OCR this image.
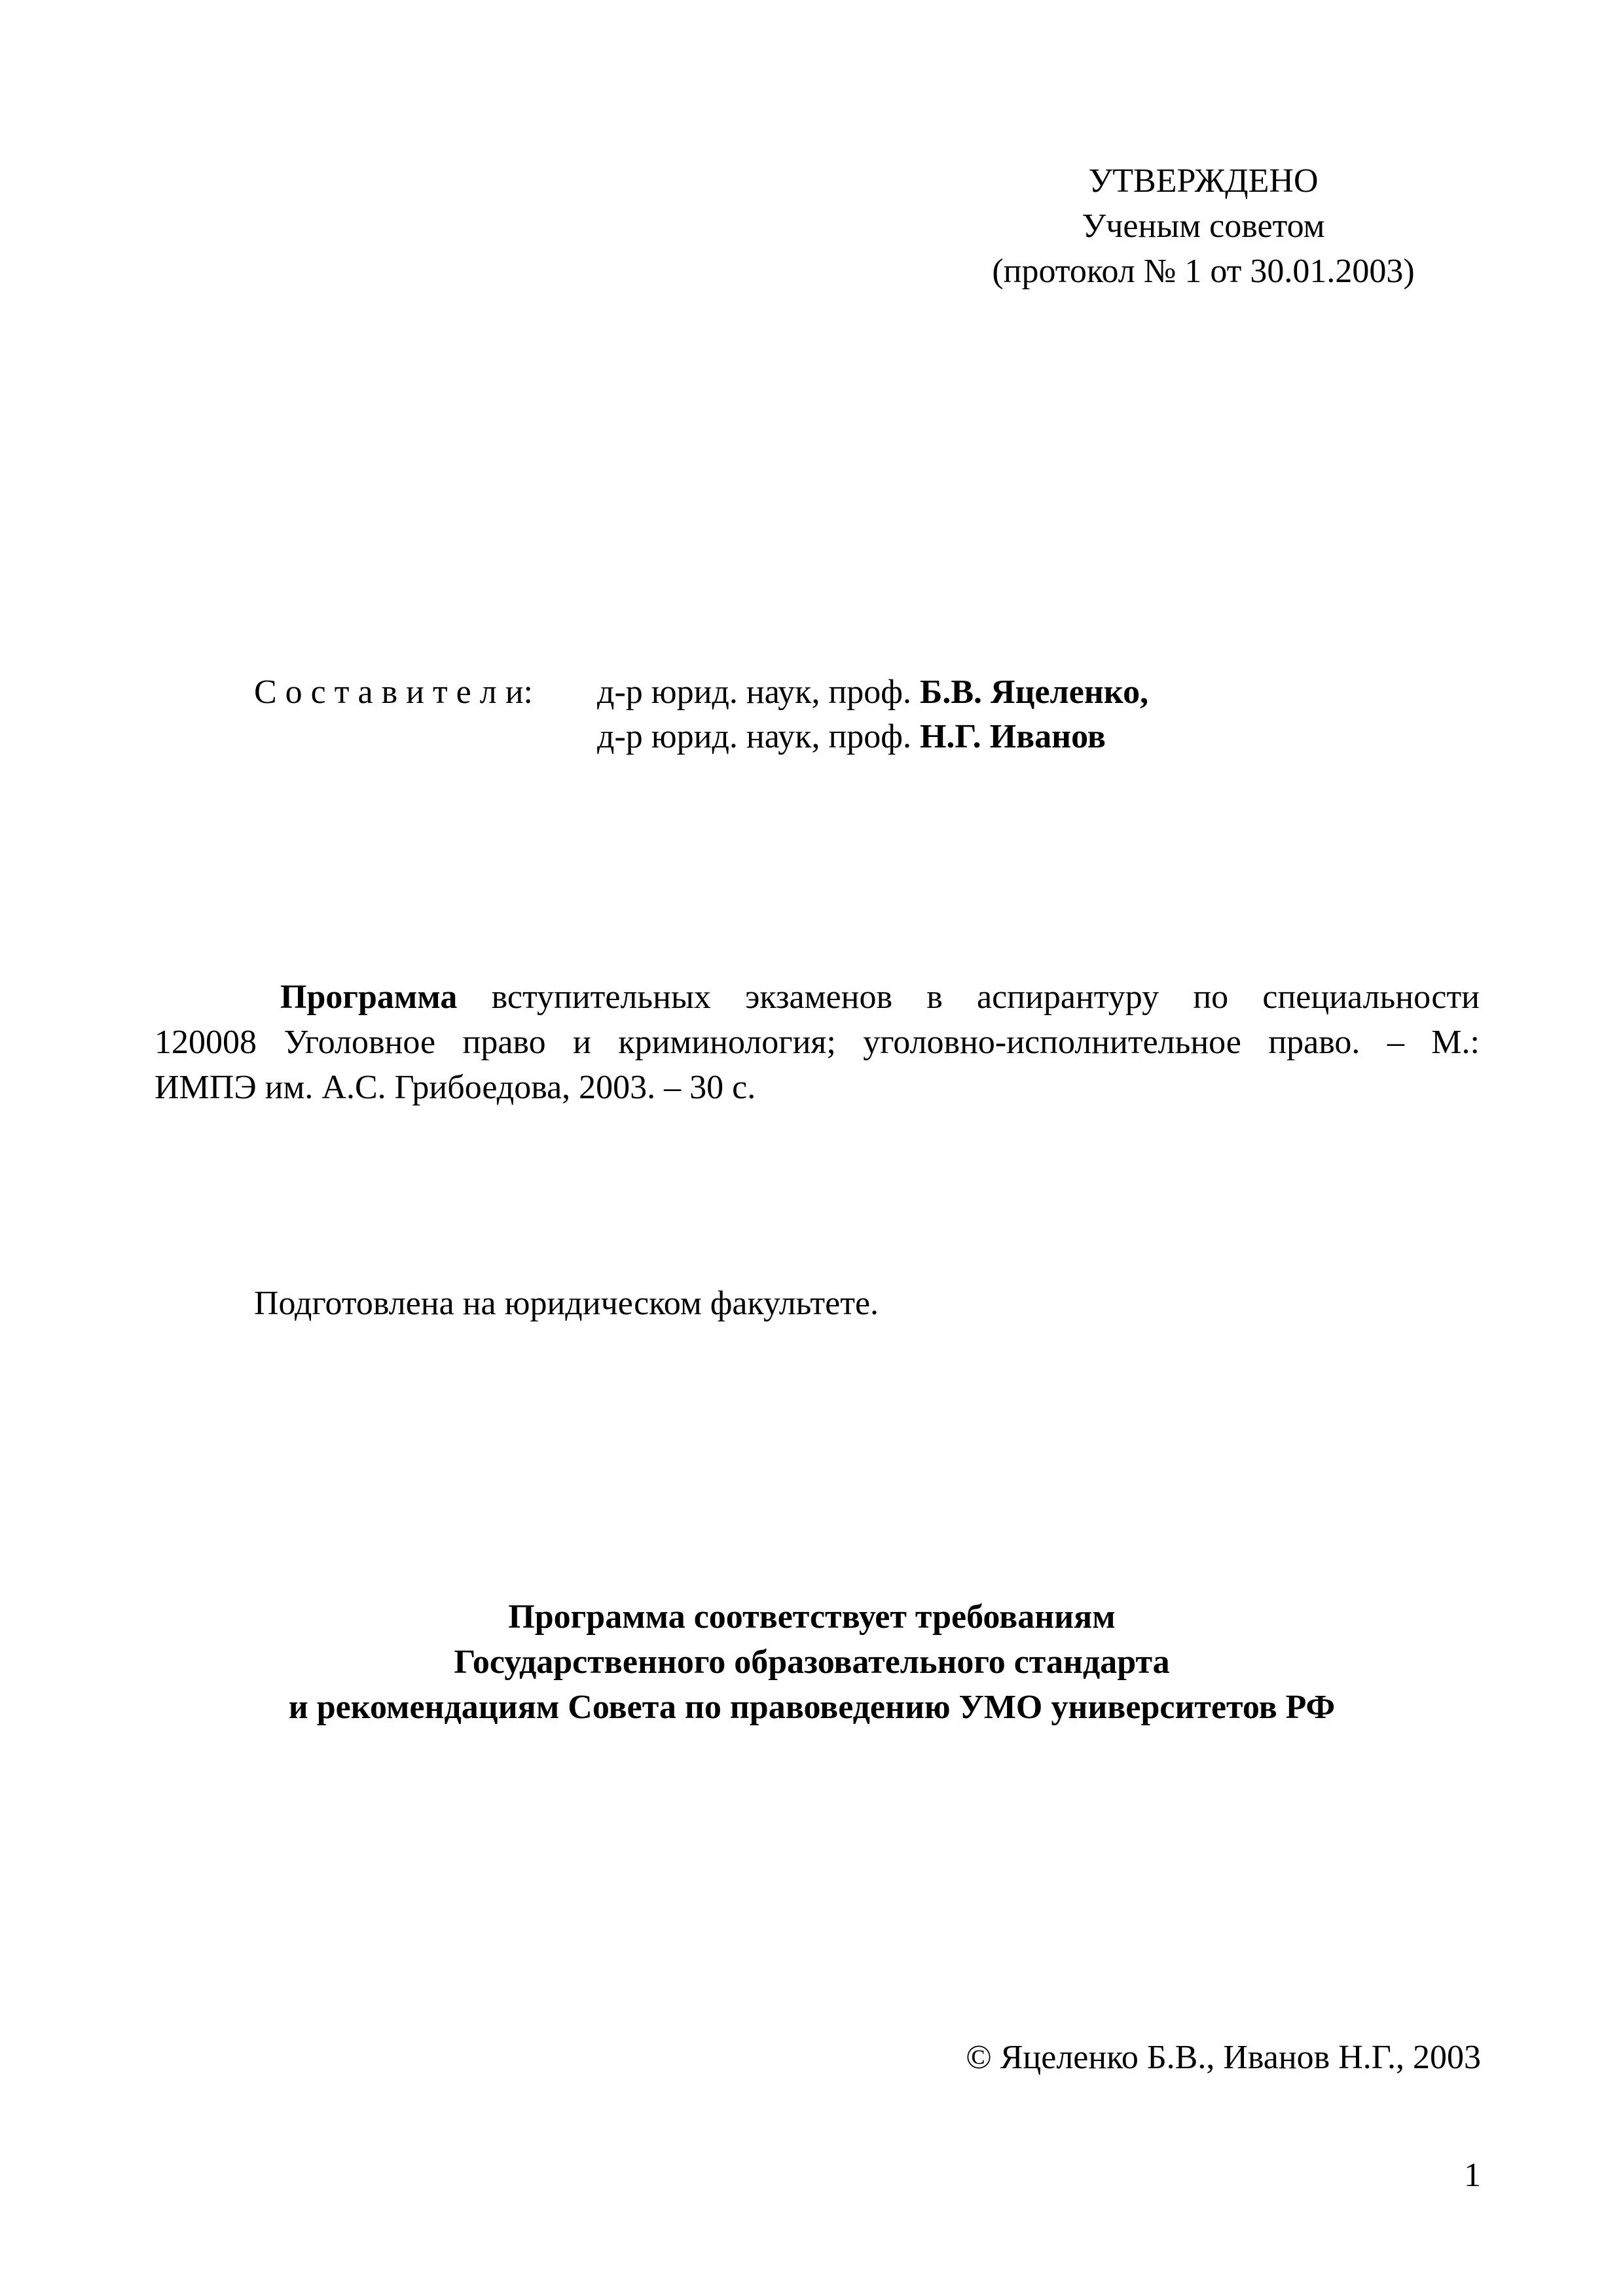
УТВЕРЖДЕНО
Ученым советом
(протокол № 1 от 30.01.2003)
С о с т а в и т е л и: д-р юрид. наук, проф. Б.В. Яцеленко,
д-р юрид. наук, проф. Н.Г. Иванов
Программа вступительных экзаменов в аспирантуру по специальности
120008 Уголовное право и криминология; уголовно-исполнительное право. – М.:
ИМПЭ им. А.С. Грибоедова, 2003. – 30 с.
Подготовлена на юридическом факультете.
Программа соответствует требованиям
Государственного образовательного стандарта
и рекомендациям Совета по правоведению УМО университетов РФ
© Яцеленко Б.В., Иванов Н.Г., 2003
1
